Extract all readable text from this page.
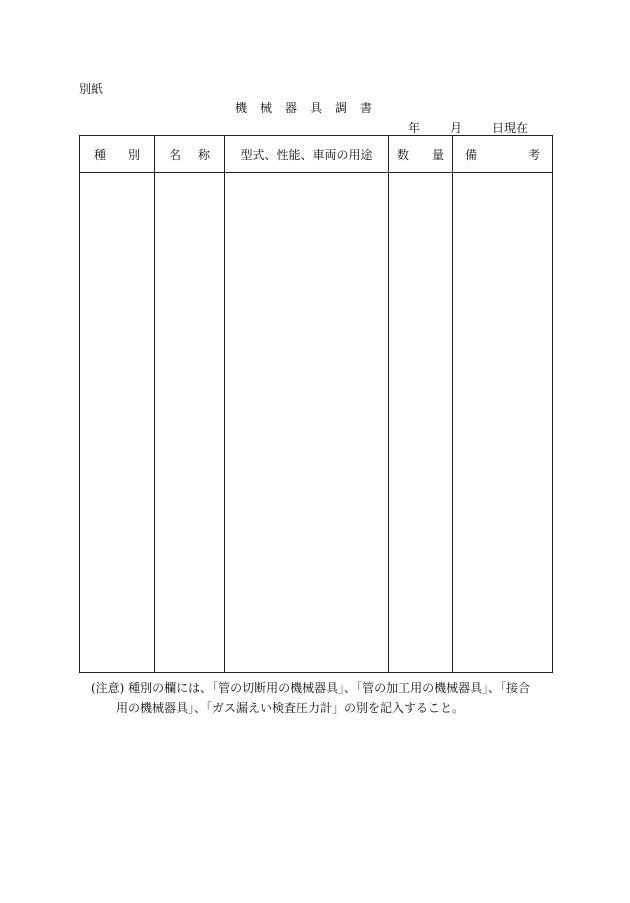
別紙
機械器具調書
年 月 日現在
種 別	名 称	型式、性能、車両の用途	数 量	備 考

(注意) 種別の欄には、「管の切断用の機械器具」、「管の加工用の機械器具」、「接合
用の機械器具」、「ガス漏えい検査圧力計」の別を記入すること。
